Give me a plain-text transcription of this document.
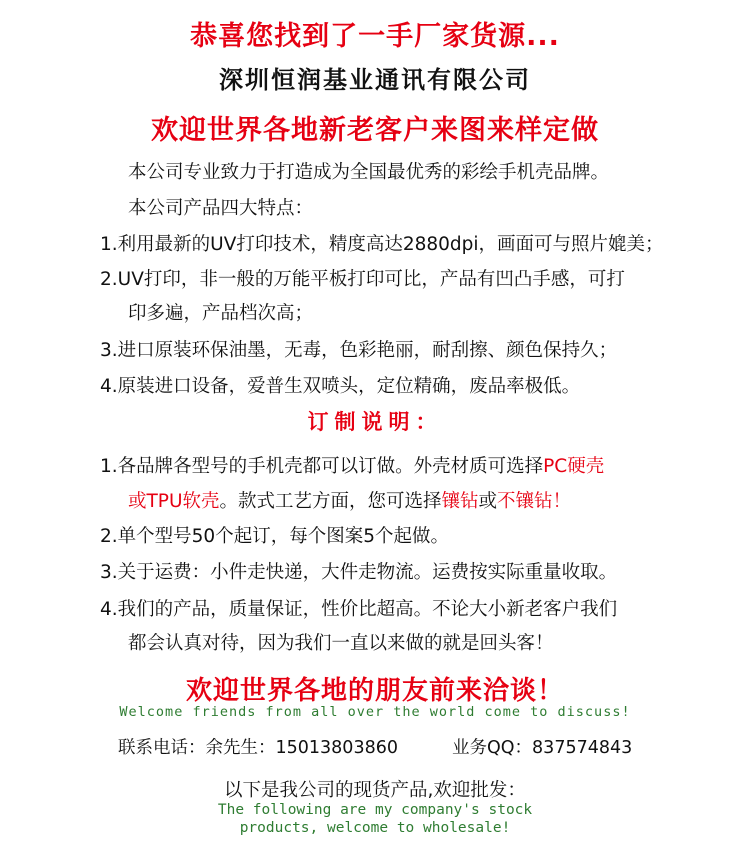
恭喜您找到了一手厂家货源...
深圳恒润基业通讯有限公司
欢迎世界各地新老客户来图来样定做
本公司专业致力于打造成为全国最优秀的彩绘手机壳品牌。
本公司产品四大特点：
1.利用最新的UV打印技术，精度高达2880dpi，画面可与照片媲美；
2.UV打印，非一般的万能平板打印可比，产品有凹凸手感，可打
印多遍，产品档次高；
3.进口原装环保油墨，无毒，色彩艳丽，耐刮擦、颜色保持久；
4.原装进口设备，爱普生双喷头，定位精确，废品率极低。
订制说明：
1.各品牌各型号的手机壳都可以订做。外壳材质可选择PC硬壳
或TPU软壳。款式工艺方面，您可选择镶钻或不镶钻！
2.单个型号50个起订，每个图案5个起做。
3.关于运费：小件走快递，大件走物流。运费按实际重量收取。
4.我们的产品，质量保证，性价比超高。不论大小新老客户我们
都会认真对待，因为我们一直以来做的就是回头客！
欢迎世界各地的朋友前来洽谈！
Welcome friends from all over the world come to discuss!
联系电话：余先生：15013803860	业务QQ：837574843
以下是我公司的现货产品,欢迎批发：
The following are my company's stock
products, welcome to wholesale!
